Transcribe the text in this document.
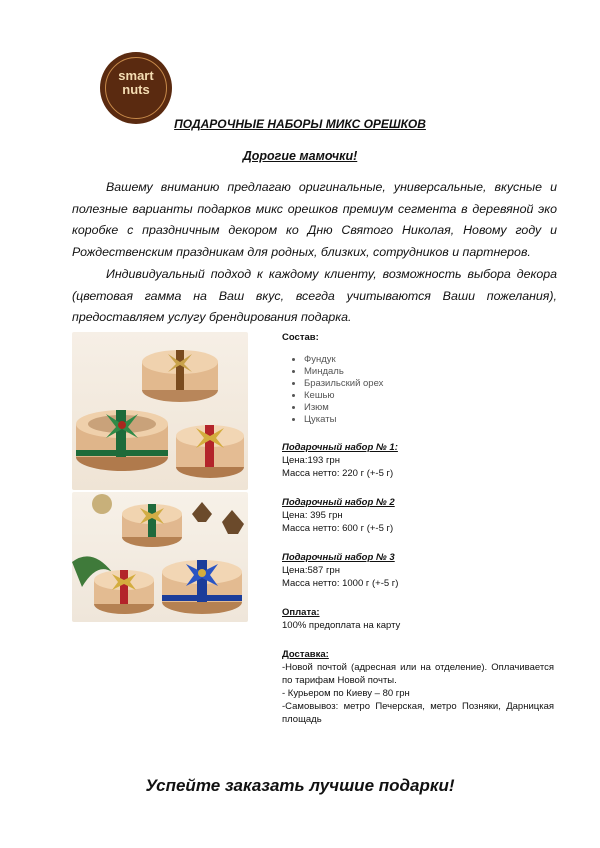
smart
nuts
ПОДАРОЧНЫЕ НАБОРЫ МИКС ОРЕШКОВ
Дорогие мамочки!

Вашему вниманию предлагаю оригинальные, универсальные, вкусные и полезные варианты подарков микс орешков премиум сегмента в деревяной эко коробке с праздничным декором ко Дню Святого Николая, Новому году и Рождественским праздникам для родных, близких, сотрудников и партнеров.

Индивидуальный подход к каждому клиенту, возможность выбора декора (цветовая гамма на Ваш вкус, всегда учитываются Ваши пожелания), предоставляем услугу брендирования подарка.

Состав:
• Фундук
• Миндаль
• Бразильский орех
• Кешью
• Изюм
• Цукаты
Подарочный набор № 1:
Цена:193 грн
Масса нетто: 220 г (+-5 г)
Подарочный набор № 2
Цена: 395 грн
Масса нетто: 600 г (+-5 г)
Подарочный набор № 3
Цена:587 грн
Масса нетто: 1000 г (+-5 г)
Оплата:
100% предоплата на карту
Доставка:
-Новой почтой (адресная или на отделение). Оплачивается по тарифам Новой почты.
- Курьером по Киеву – 80 грн
-Самовывоз: метро Печерская, метро Позняки, Дарницкая площадь
Успейте заказать лучшие подарки!
